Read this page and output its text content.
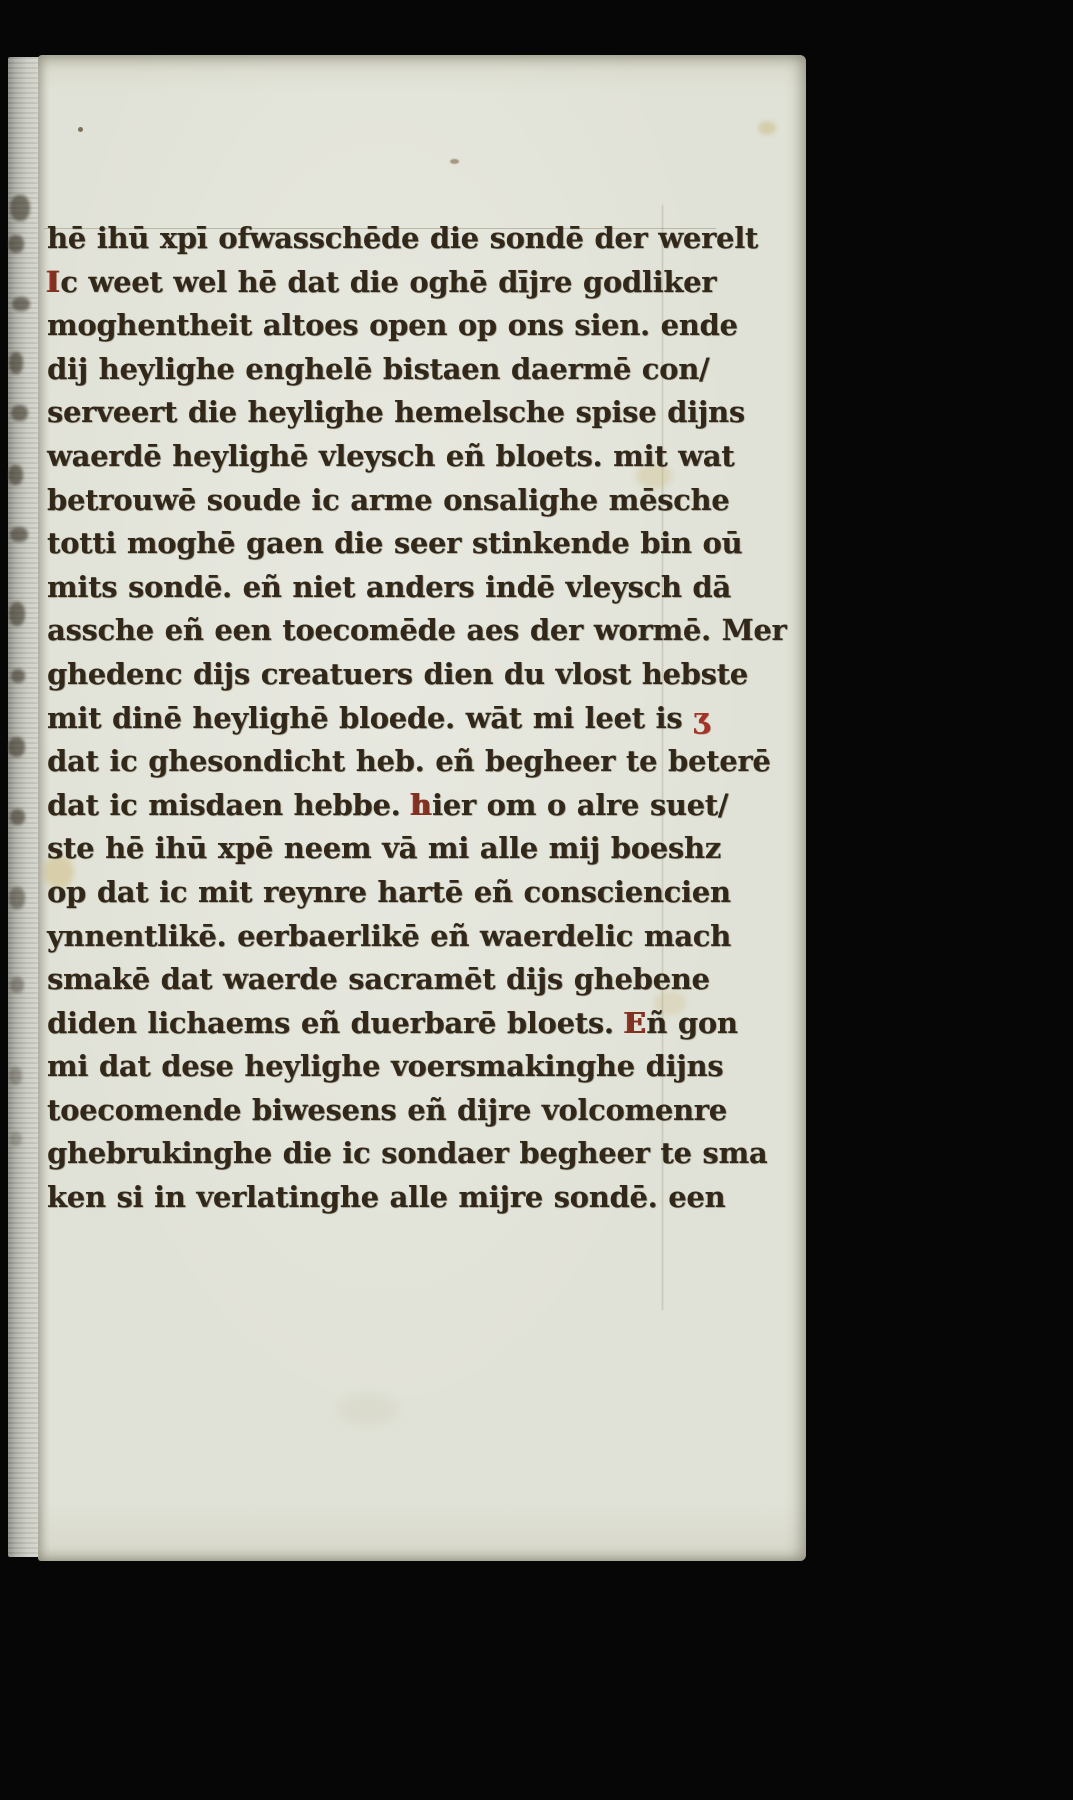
hē ihū xpī ofwasschēde die sondē der werelt
Ic weet wel hē dat die oghē dījre godliker
moghentheit altoes open op ons sien. ende
dij heylighe enghelē bistaen daermē con/
serveert die heylighe hemelsche spise dijns
waerdē heylighē vleysch eñ bloets. mit wat
betrouwē soude ic arme onsalighe mēsche
totti moghē gaen die seer stinkende bin oū
mits sondē. eñ niet anders indē vleysch dā
assche eñ een toecomēde aes der wormē. Mer
ghedenc dijs creatuers dien du vlost hebste
mit dinē heylighē bloede. wāt mi leet is ʒ
dat ic ghesondicht heb. eñ begheer te beterē
dat ic misdaen hebbe. hier om o alre suet/
ste hē ihū xpē neem vā mi alle mij boeshz
op dat ic mit reynre hartē eñ consciencien
ynnentlikē. eerbaerlikē eñ waerdelic mach
smakē dat waerde sacramēt dijs ghebene
diden lichaems eñ duerbarē bloets. Eñ gon
mi dat dese heylighe voersmakinghe dijns
toecomende biwesens eñ dijre volcomenre
ghebrukinghe die ic sondaer begheer te sma
ken si in verlatinghe alle mijre sondē. een
